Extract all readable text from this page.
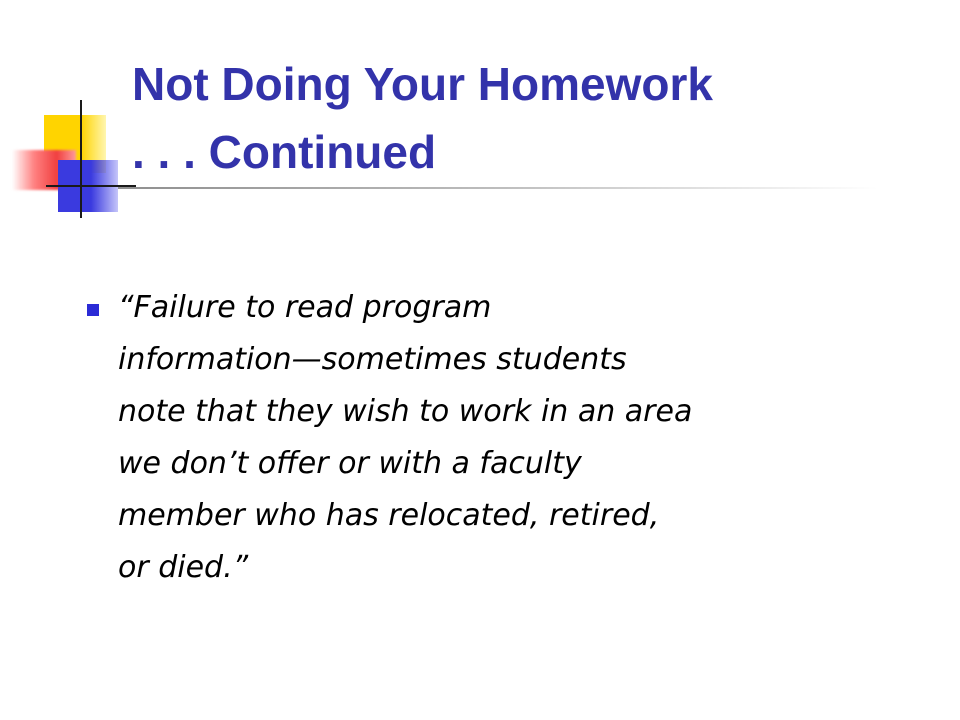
Not Doing Your Homework
. . . Continued

“Failure to read program
information—sometimes students
note that they wish to work in an area
we don’t offer or with a faculty
member who has relocated, retired,
or died.”
